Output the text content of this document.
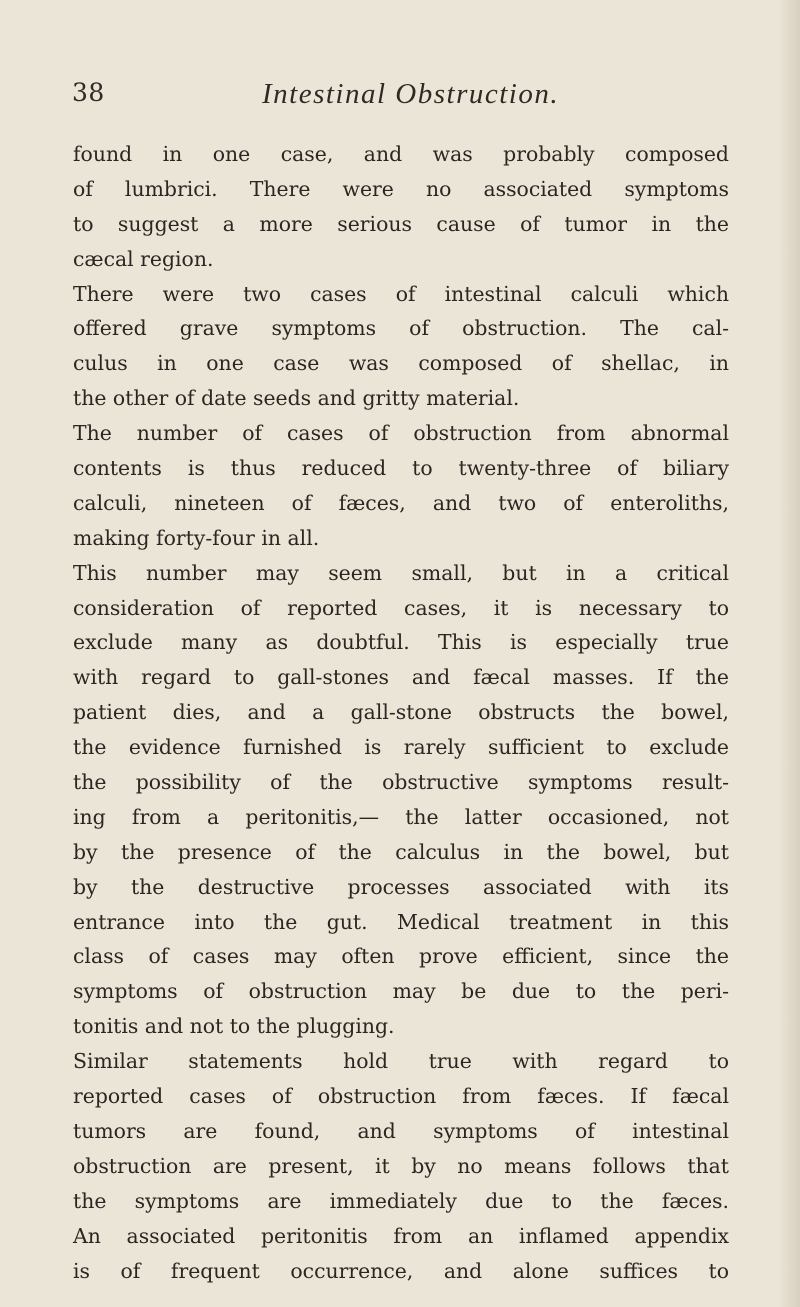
38	Intestinal Obstruction.
found in one case, and was probably composed
of lumbrici. There were no associated symptoms
to suggest a more serious cause of tumor in the
cæcal region.
There were two cases of intestinal calculi which
offered grave symptoms of obstruction. The cal-
culus in one case was composed of shellac, in
the other of date seeds and gritty material.
The number of cases of obstruction from abnormal
contents is thus reduced to twenty-three of biliary
calculi, nineteen of fæces, and two of enteroliths,
making forty-four in all.
This number may seem small, but in a critical
consideration of reported cases, it is necessary to
exclude many as doubtful. This is especially true
with regard to gall-stones and fæcal masses. If the
patient dies, and a gall-stone obstructs the bowel,
the evidence furnished is rarely sufficient to exclude
the possibility of the obstructive symptoms result-
ing from a peritonitis,— the latter occasioned, not
by the presence of the calculus in the bowel, but
by the destructive processes associated with its
entrance into the gut. Medical treatment in this
class of cases may often prove efficient, since the
symptoms of obstruction may be due to the peri-
tonitis and not to the plugging.
Similar statements hold true with regard to
reported cases of obstruction from fæces. If fæcal
tumors are found, and symptoms of intestinal
obstruction are present, it by no means follows that
the symptoms are immediately due to the fæces.
An associated peritonitis from an inflamed appendix
is of frequent occurrence, and alone suffices to
